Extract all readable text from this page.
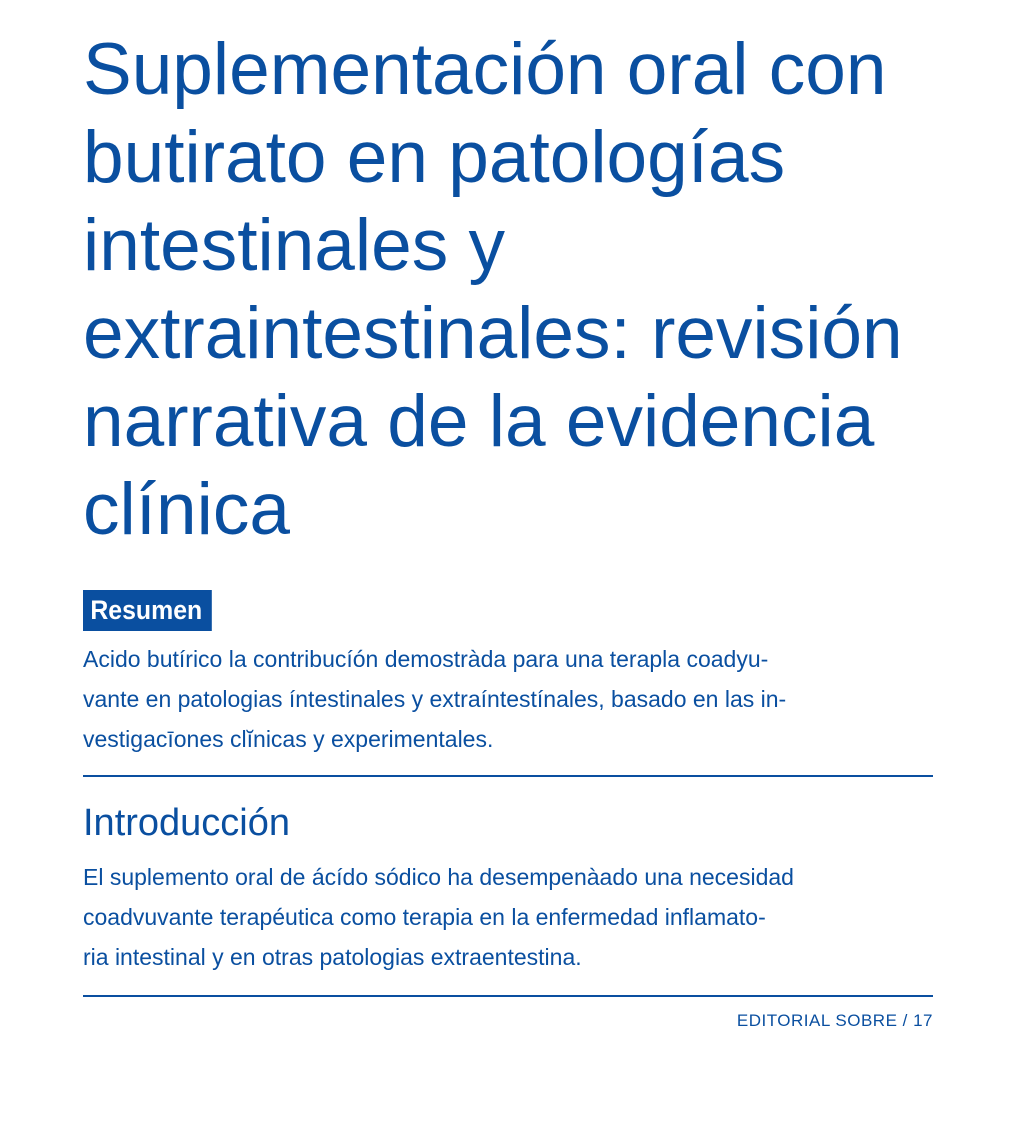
Suplementación oral con
butirato en patologías
intestinales y
extraintestinales: revisión
narrativa de la evidencia
clínica
Resumen

Acido butírico la contribucíón demostràda para una terapla coadyu-
vante en patologias íntestinales y extraíntestínales, basado en las in-
vestigacīones clĭnicas y experimentales.

Introducción

El suplemento oral de ácído sódico ha desempenàado una necesidad
coadvuvante terapéutica como terapia en la enfermedad inflamato-
ria intestinal y en otras patologias extraentestina.

EDITORIAL SOBRE / 17
